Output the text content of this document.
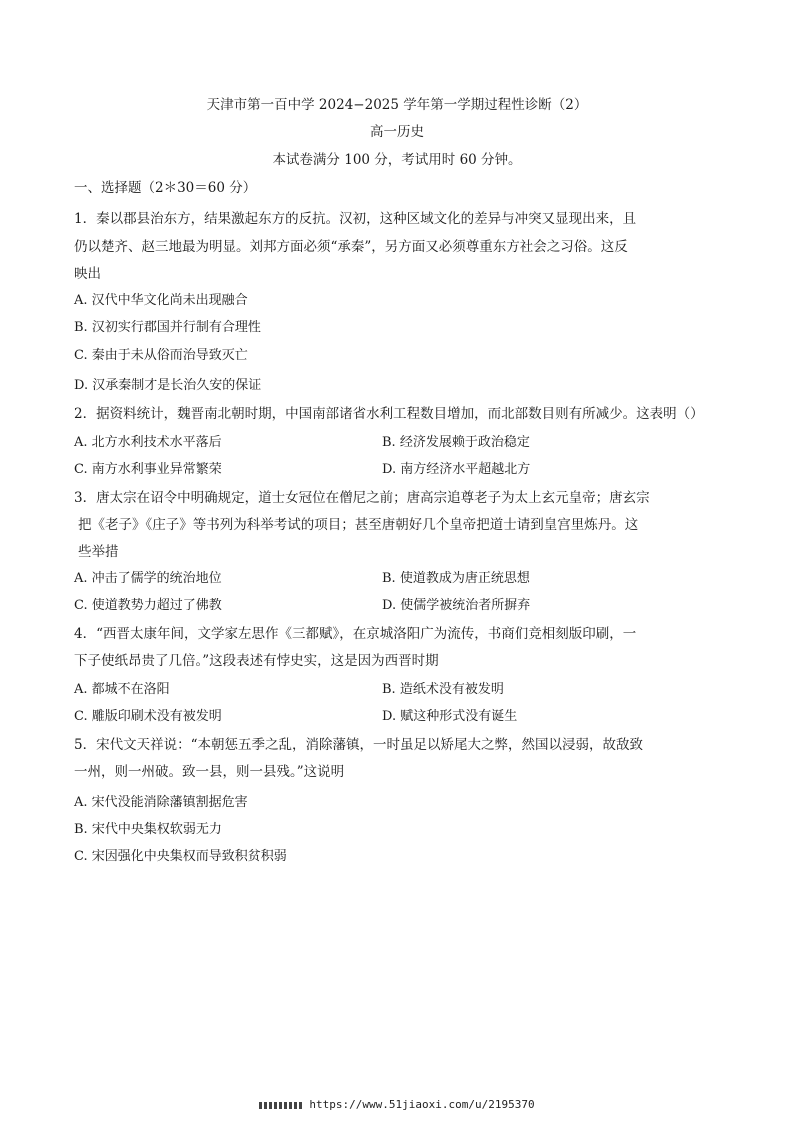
天津市第一百中学 2024−2025 学年第一学期过程性诊断（2）
高一历史
本试卷满分 100 分，考试用时 60 分钟。
一、选择题（2＊30＝60 分）
1．秦以郡县治东方，结果激起东方的反抗。汉初，这种区域文化的差异与冲突又显现出来，且
仍以楚齐、赵三地最为明显。刘邦方面必须“承秦”，另方面又必须尊重东方社会之习俗。这反
映出
A. 汉代中华文化尚未出现融合
B. 汉初实行郡国并行制有合理性
C. 秦由于未从俗而治导致灭亡
D. 汉承秦制才是长治久安的保证
2．据资料统计，魏晋南北朝时期，中国南部诸省水利工程数目增加，而北部数目则有所减少。这表明（）
A. 北方水利技术水平落后	B. 经济发展赖于政治稳定
C. 南方水利事业异常繁荣	D. 南方经济水平超越北方
3．唐太宗在诏令中明确规定，道士女冠位在僧尼之前；唐高宗追尊老子为太上玄元皇帝；唐玄宗
把《老子》《庄子》等书列为科举考试的项目；甚至唐朝好几个皇帝把道士请到皇宫里炼丹。这
些举措
A. 冲击了儒学的统治地位	B. 使道教成为唐正统思想
C. 使道教势力超过了佛教	D. 使儒学被统治者所摒弃
4．“西晋太康年间，文学家左思作《三都赋》，在京城洛阳广为流传，书商们竞相刻版印刷，一
下子使纸昂贵了几倍。”这段表述有悖史实，这是因为西晋时期
A. 都城不在洛阳	B. 造纸术没有被发明
C. 雕版印刷术没有被发明	D. 赋这种形式没有诞生
5．宋代文天祥说：“本朝惩五季之乱，消除藩镇，一时虽足以矫尾大之弊，然国以浸弱，故敌致
一州，则一州破。致一县，则一县残。”这说明
A. 宋代没能消除藩镇割据危害
B. 宋代中央集权软弱无力
C. 宋因强化中央集权而导致积贫积弱
https://www.51jiaoxi.com/u/2195370
